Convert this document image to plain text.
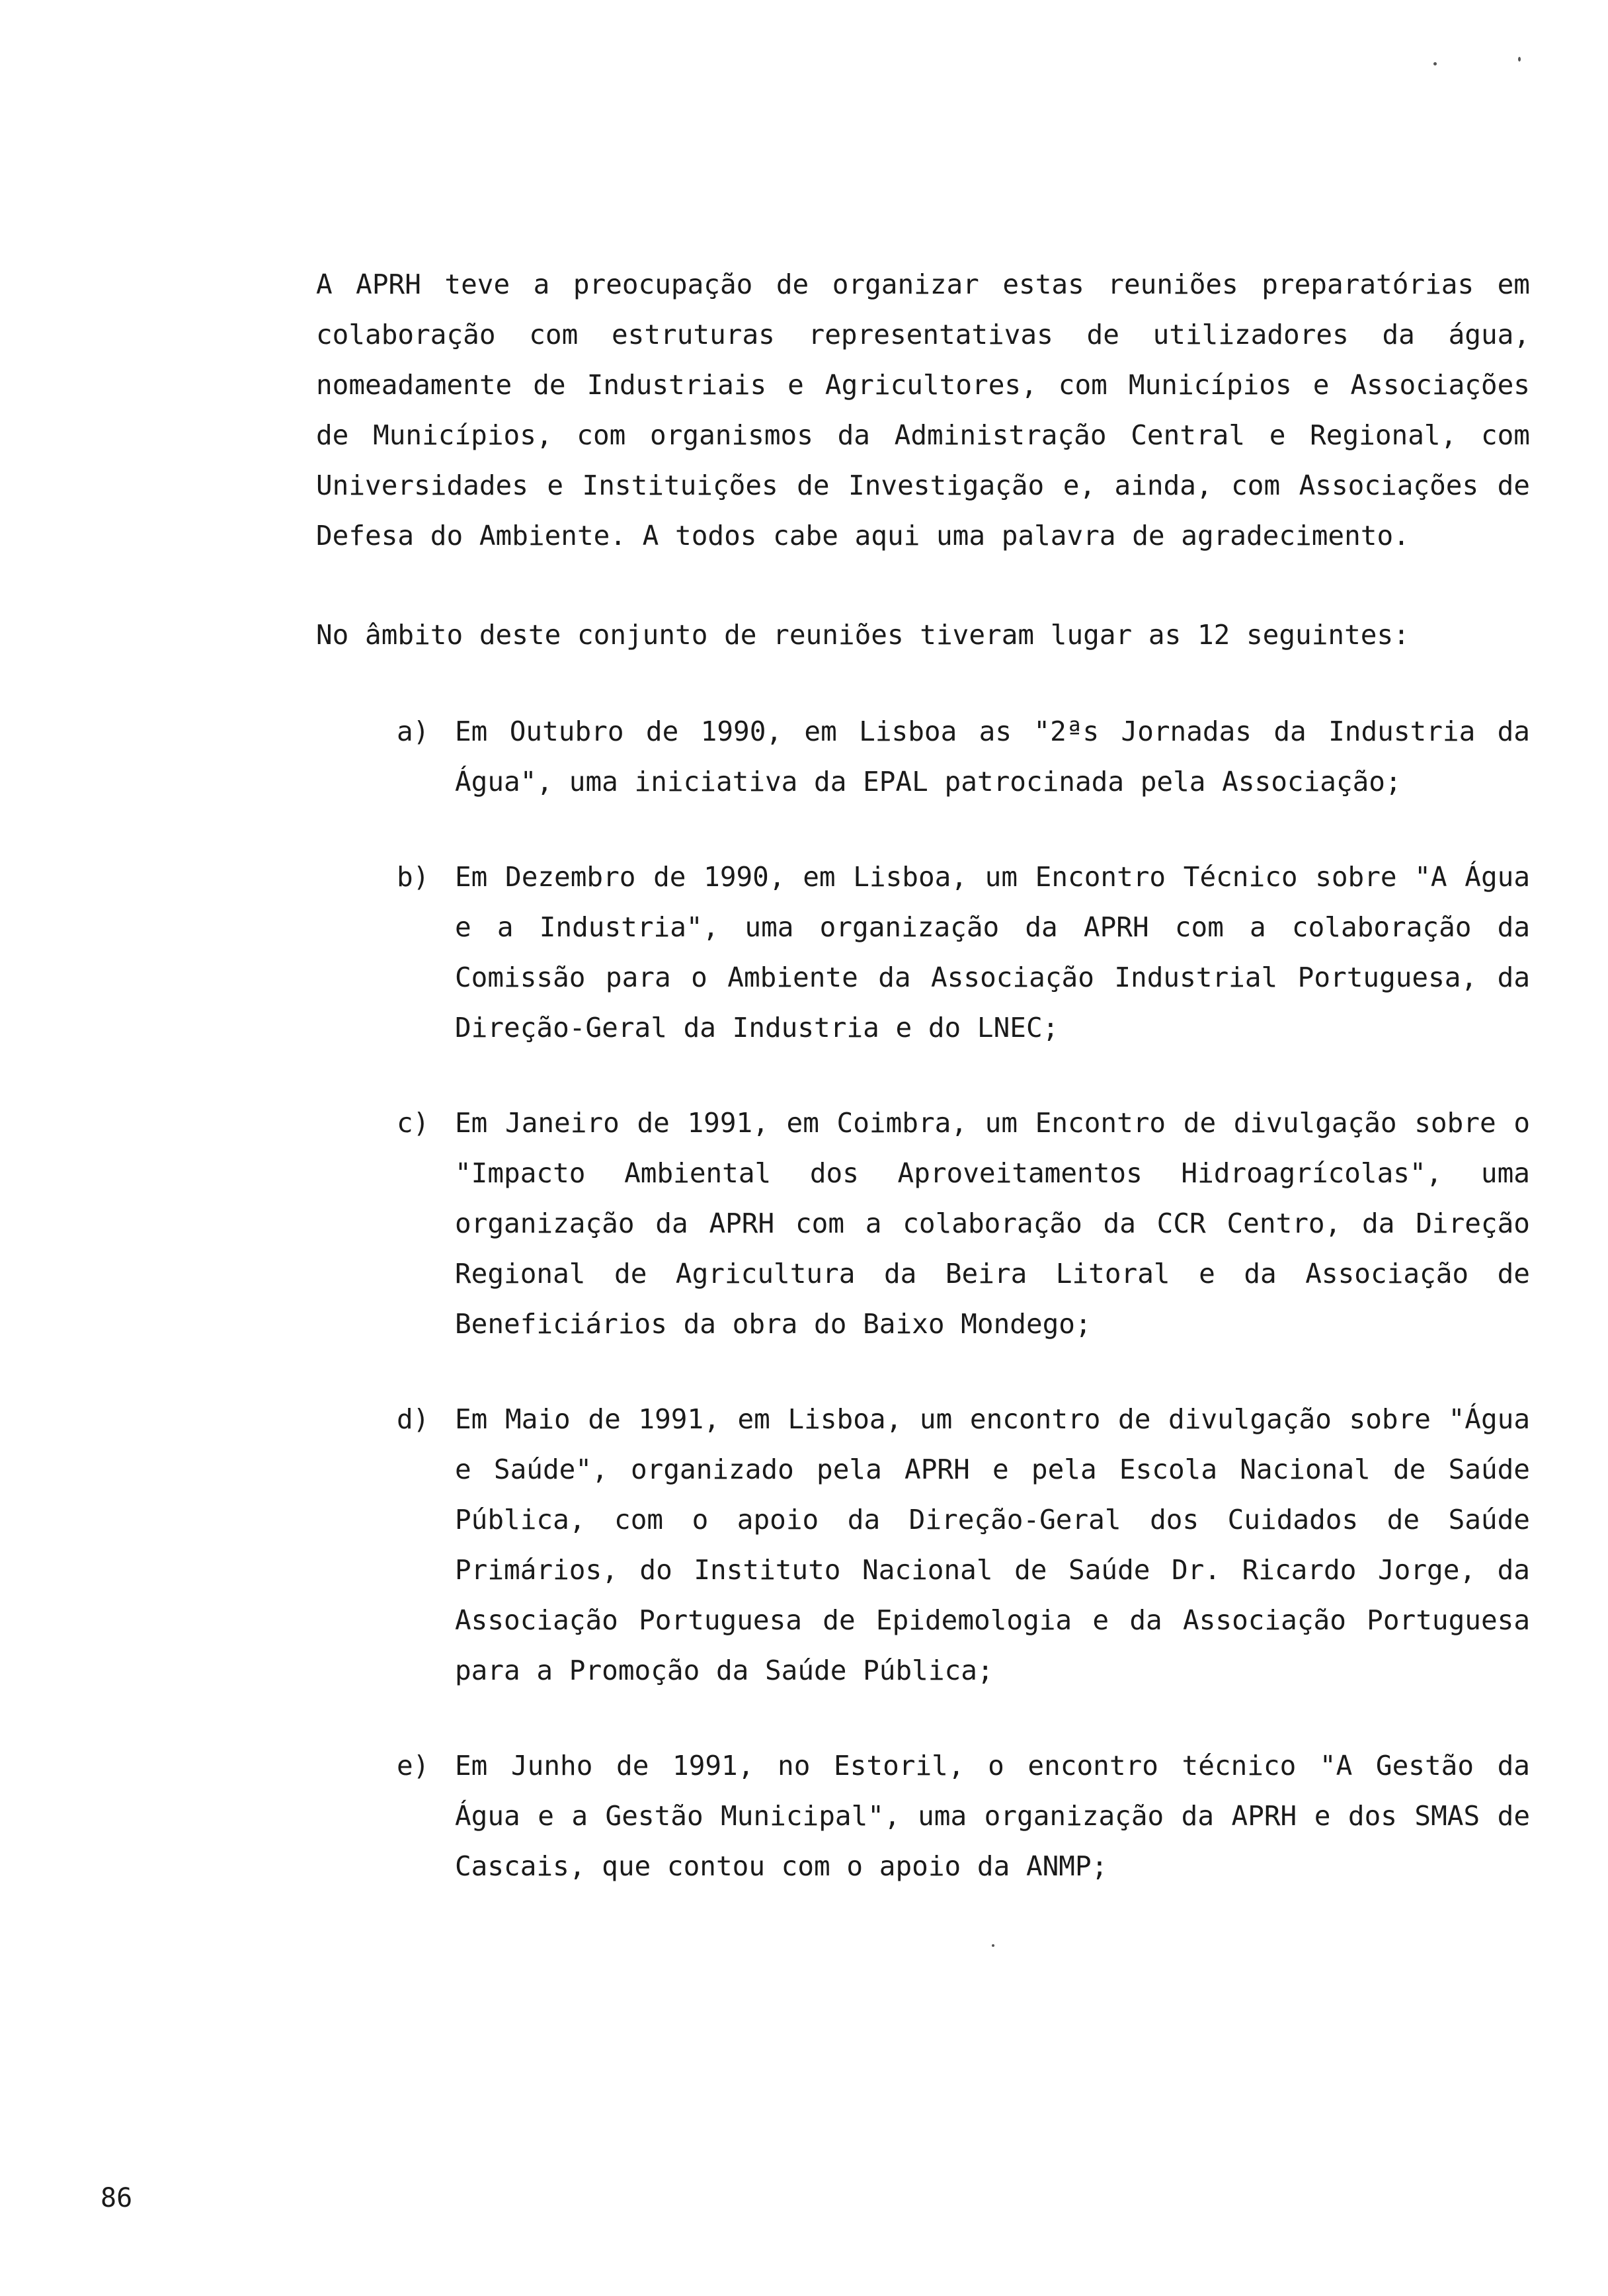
A APRH teve a preocupação de organizar estas reuniões preparatórias em colaboração com estruturas representativas de utilizadores da água, nomeadamente de Industriais e Agricultores, com Municípios e Associações de Municípios, com organismos da Administração Central e Regional, com Universidades e Instituições de Investigação e, ainda, com Associações de Defesa do Ambiente. A todos cabe aqui uma palavra de agradecimento.

No âmbito deste conjunto de reuniões tiveram lugar as 12 seguintes:

a) Em Outubro de 1990, em Lisboa as "2ªs Jornadas da Industria da Água", uma iniciativa da EPAL patrocinada pela Associação;
b) Em Dezembro de 1990, em Lisboa, um Encontro Técnico sobre "A Água e a Industria", uma organização da APRH com a colaboração da Comissão para o Ambiente da Associação Industrial Portuguesa, da Direção-Geral da Industria e do LNEC;
c) Em Janeiro de 1991, em Coimbra, um Encontro de divulgação sobre o "Impacto Ambiental dos Aproveitamentos Hidroagrícolas", uma organização da APRH com a colaboração da CCR Centro, da Direção Regional de Agricultura da Beira Litoral e da Associação de Beneficiários da obra do Baixo Mondego;
d) Em Maio de 1991, em Lisboa, um encontro de divulgação sobre "Água e Saúde", organizado pela APRH e pela Escola Nacional de Saúde Pública, com o apoio da Direção-Geral dos Cuidados de Saúde Primários, do Instituto Nacional de Saúde Dr. Ricardo Jorge, da Associação Portuguesa de Epidemologia e da Associação Portuguesa para a Promoção da Saúde Pública;
e) Em Junho de 1991, no Estoril, o encontro técnico "A Gestão da Água e a Gestão Municipal", uma organização da APRH e dos SMAS de Cascais, que contou com o apoio da ANMP;
86
